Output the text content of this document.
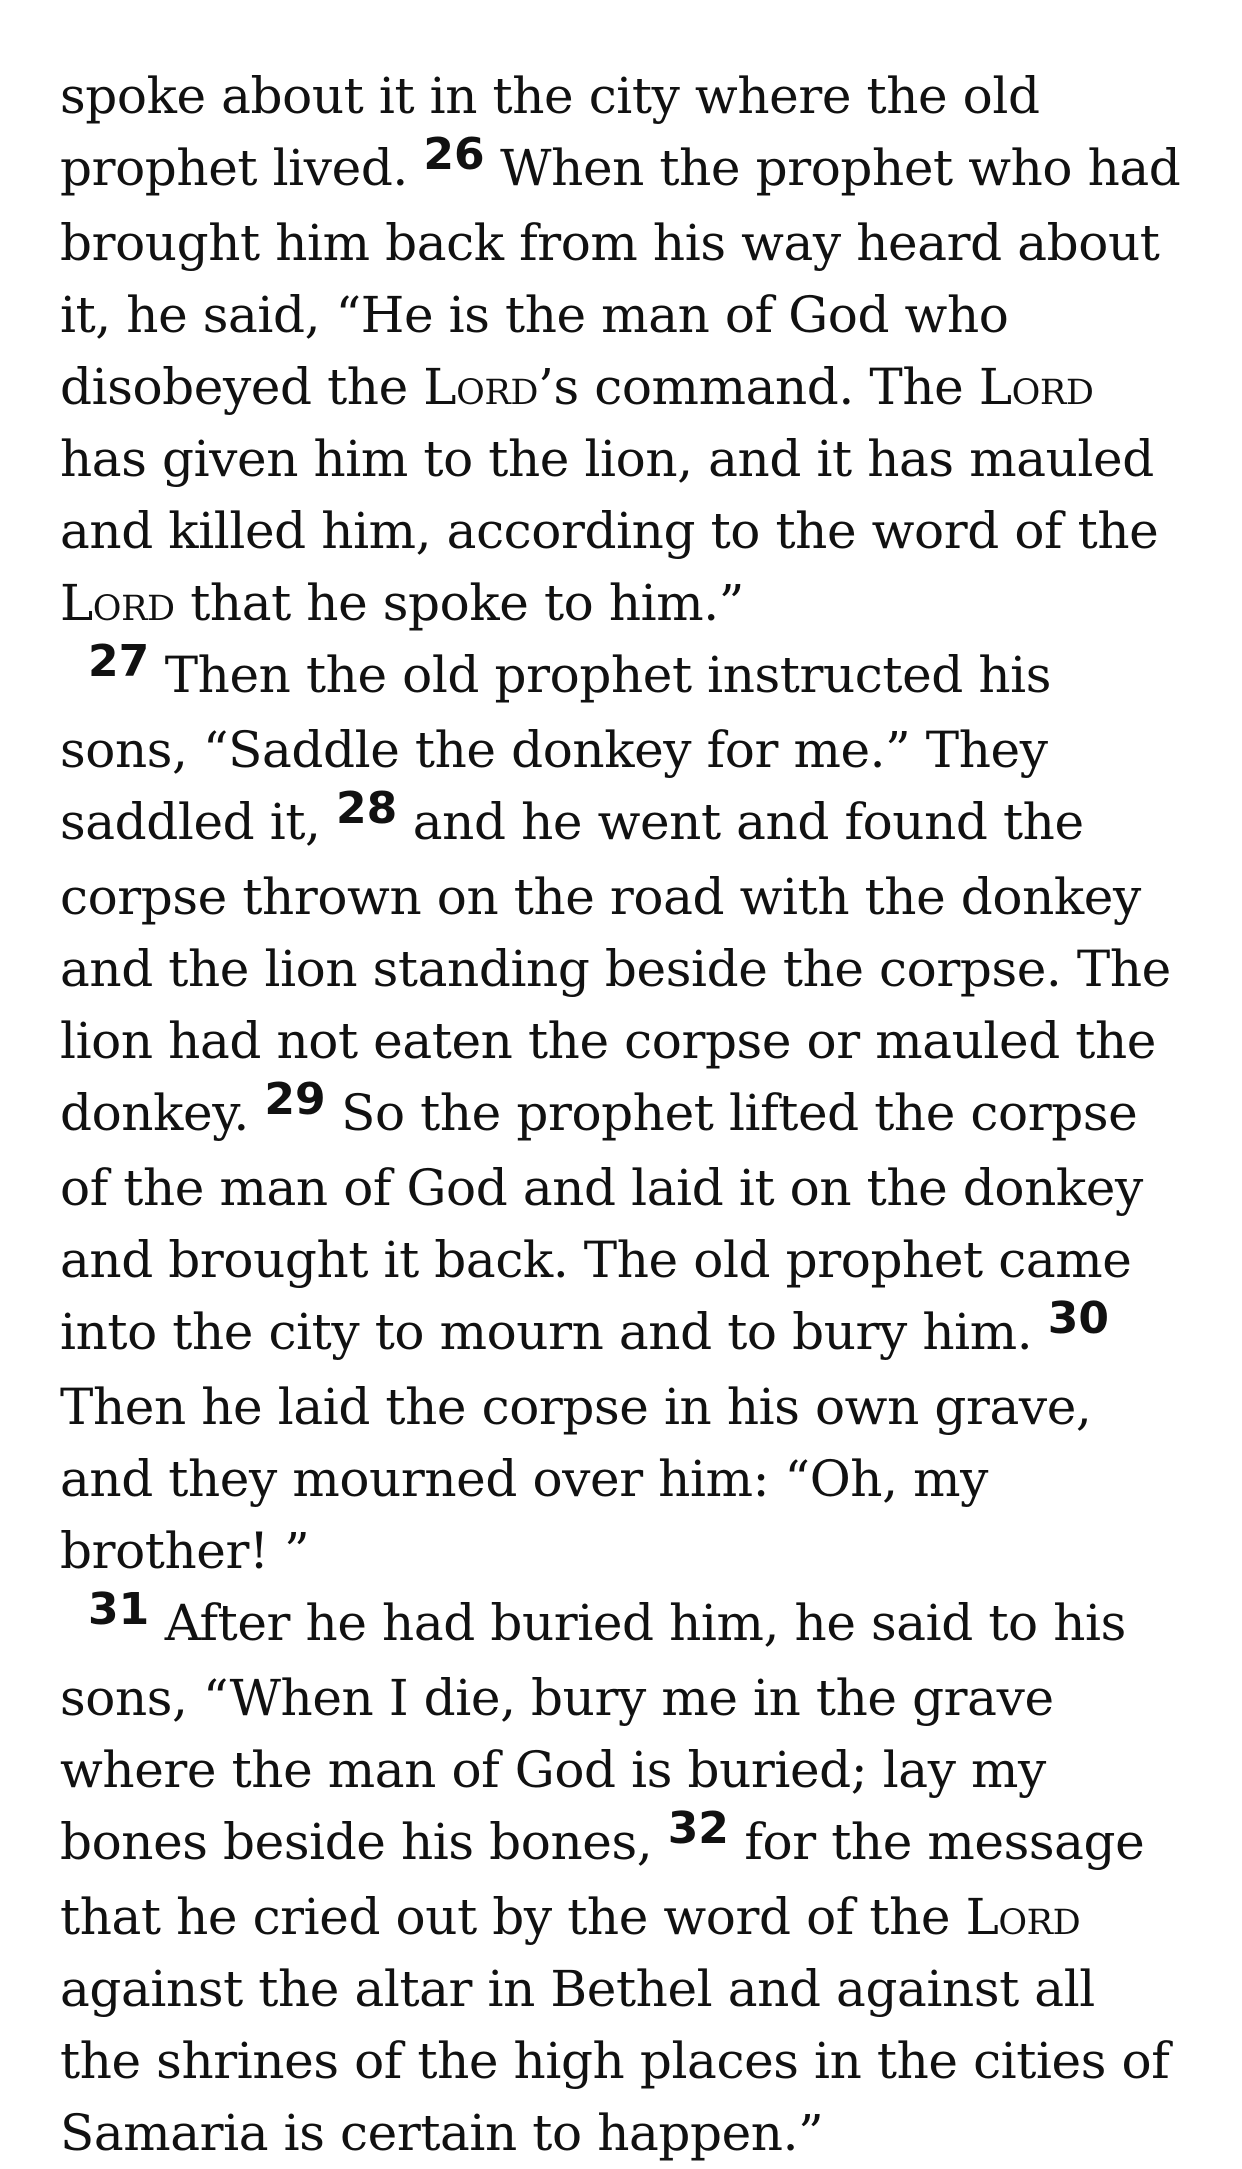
spoke about it in the city where the old prophet lived. 26 When the prophet who had brought him back from his way heard about it, he said, “He is the man of God who disobeyed the Lord’s command. The Lord has given him to the lion, and it has mauled and killed him, according to the word of the Lord that he spoke to him.”

27 Then the old prophet instructed his sons, “Saddle the donkey for me.” They saddled it, 28 and he went and found the corpse thrown on the road with the donkey and the lion standing beside the corpse. The lion had not eaten the corpse or mauled the donkey. 29 So the prophet lifted the corpse of the man of God and laid it on the donkey and brought it back. The old prophet came into the city to mourn and to bury him. 30 Then he laid the corpse in his own grave, and they mourned over him: “Oh, my brother! ”

31 After he had buried him, he said to his sons, “When I die, bury me in the grave where the man of God is buried; lay my bones beside his bones, 32 for the message that he cried out by the word of the Lord against the altar in Bethel and against all the shrines of the high places in the cities of Samaria is certain to happen.”
